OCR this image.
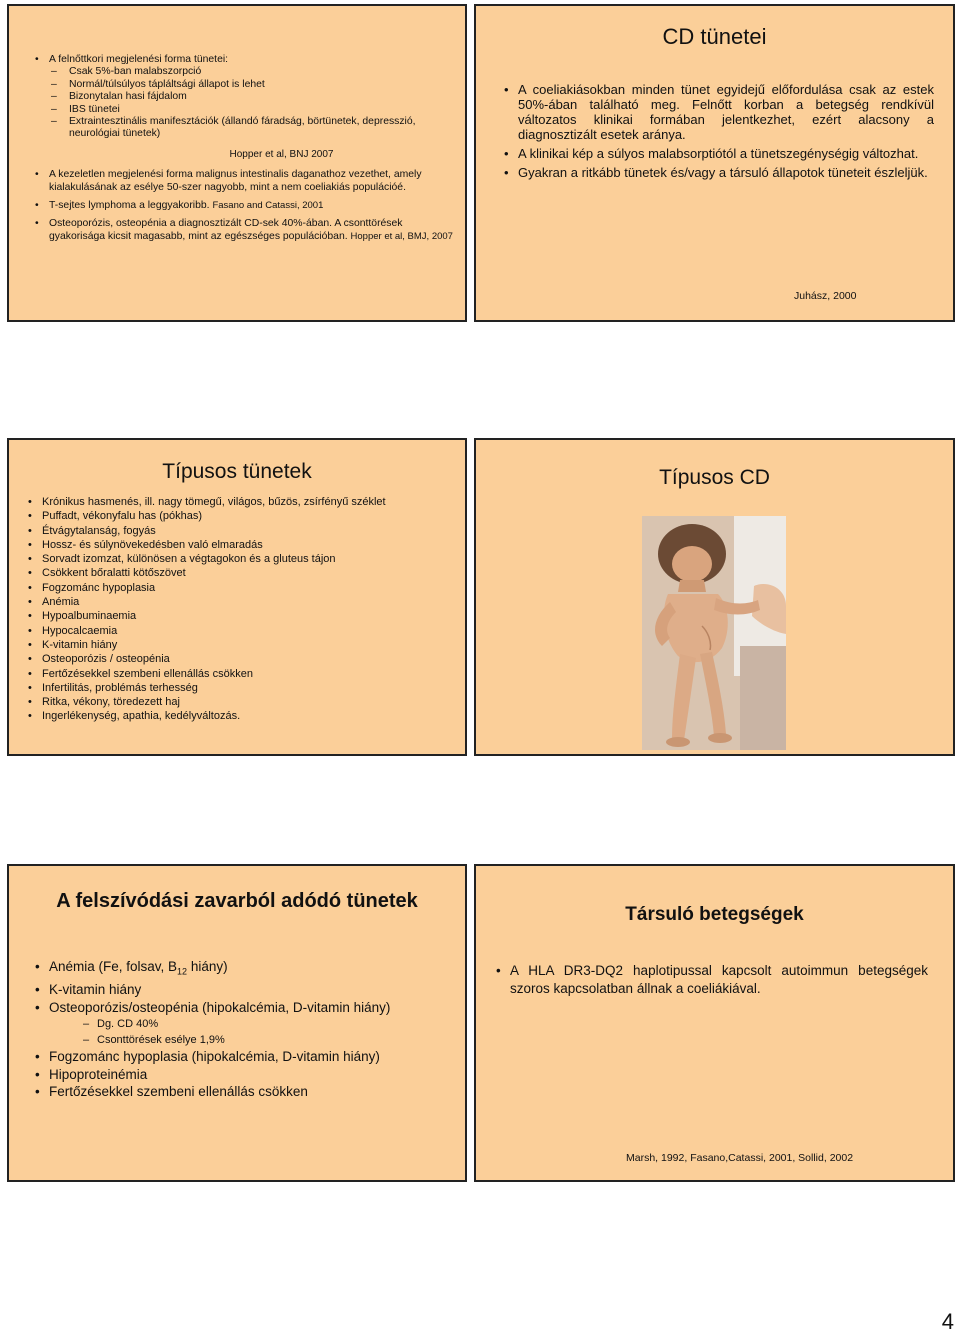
• A felnőttkori megjelenési forma tünetei:
– Csak 5%-ban malabszorpció
– Normál/túlsúlyos tápláltsági állapot is lehet
– Bizonytalan hasi fájdalom
– IBS tünetei
– Extraintesztinális manifesztációk (állandó fáradság, börtünetek, depresszió, neurológiai tünetek)
Hopper et al, BNJ 2007
• A kezeletlen megjelenési forma malignus intestinalis daganathoz vezethet, amely kialakulásának az esélye 50-szer nagyobb, mint a nem coeliakiás populációé.
• T-sejtes lymphoma a leggyakoribb. Fasano and Catassi, 2001
• Osteoporózis, osteopénia a diagnosztizált CD-sek 40%-ában. A csonttörések gyakorisága kicsit magasabb, mint az egészséges populációban. Hopper et al, BMJ, 2007
CD tünetei
• A coeliakiásokban minden tünet egyidejű előfordulása csak az estek 50%-ában található meg. Felnőtt korban a betegség rendkívül változatos klinikai formában jelentkezhet, ezért alacsony a diagnosztizált esetek aránya.
• A klinikai kép a súlyos malabsorptiótól a tünetszegénységig változhat.
• Gyakran a ritkább tünetek és/vagy a társuló állapotok tüneteit észleljük.
Juhász, 2000
Típusos tünetek
• Krónikus hasmenés, ill. nagy tömegű, világos, bűzös, zsírfényű széklet
• Puffadt, vékonyfalu has (pókhas)
• Étvágytalanság, fogyás
• Hossz- és súlynövekedésben való elmaradás
• Sorvadt izomzat, különösen a végtagokon és a gluteus tájon
• Csökkent bőralatti kötőszövet
• Fogzománc hypoplasia
• Anémia
• Hypoalbuminaemia
• Hypocalcaemia
• K-vitamin hiány
• Osteoporózis / osteopénia
• Fertőzésekkel szembeni ellenállás csökken
• Infertilitás, problémás terhesség
• Ritka, vékony, töredezett haj
• Ingerlékenység, apathia, kedélyváltozás.
Típusos CD
A felszívódási zavarból adódó tünetek
• Anémia (Fe, folsav, $B_{12}$ hiány)
• K-vitamin hiány
• Osteoporózis/osteopénia (hipokalcémia, D-vitamin hiány)
– Dg. CD 40%
– Csonttörések esélye 1,9%
• Fogzománc hypoplasia (hipokalcémia, D-vitamin hiány)
• Hipoproteinémia
• Fertőzésekkel szembeni ellenállás csökken
Társuló betegségek
• A HLA DR3-DQ2 haplotipussal kapcsolt autoimmun betegségek szoros kapcsolatban állnak a coeliákiával.
Marsh, 1992, Fasano,Catassi, 2001, Sollid, 2002
4
